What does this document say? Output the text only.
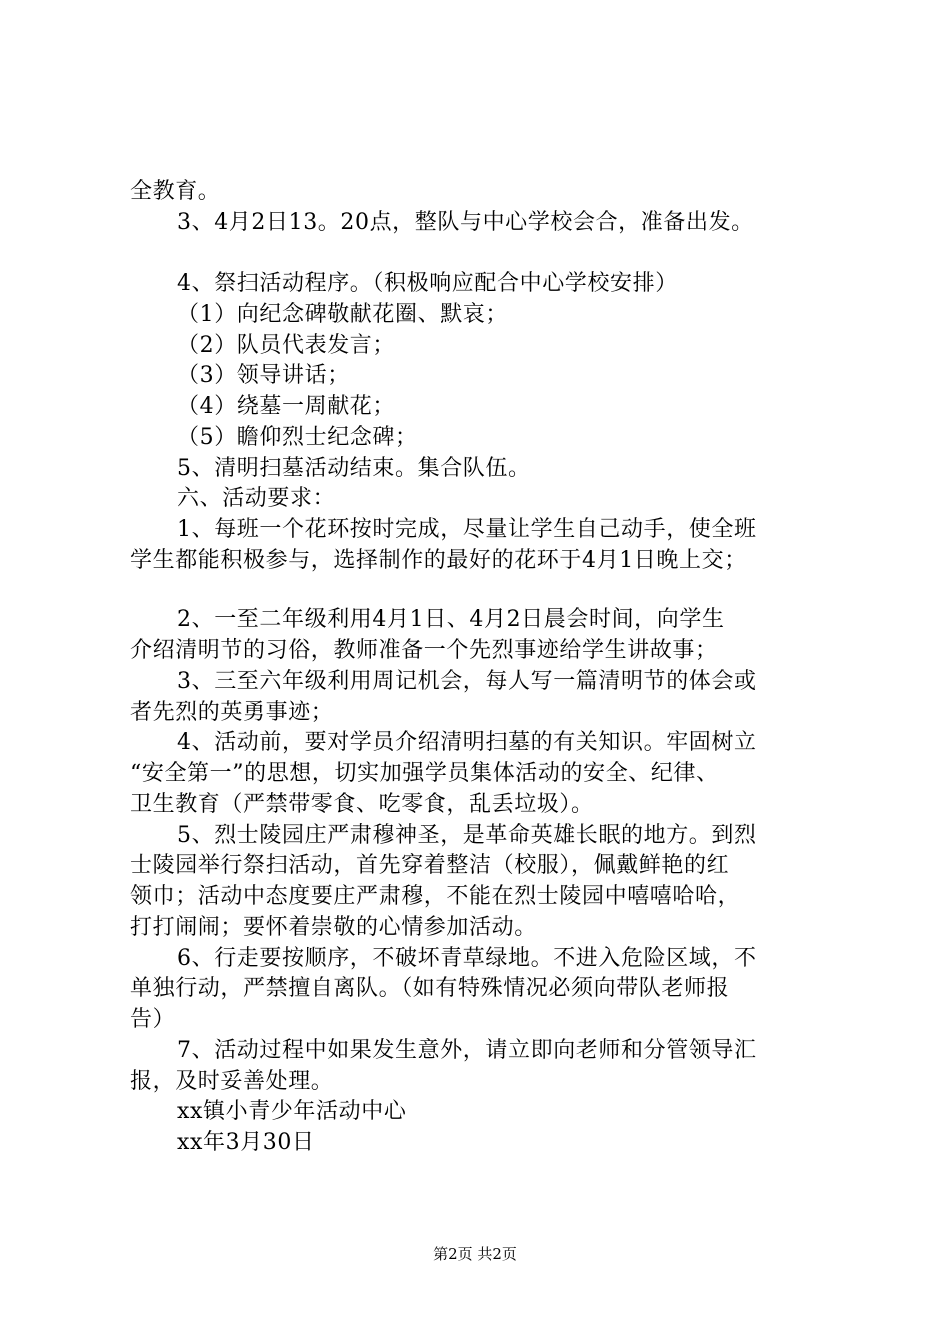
全教育。
3、4月2日13。20点，整队与中心学校会合，准备出发。
4、祭扫活动程序。（积极响应配合中心学校安排）
（1）向纪念碑敬献花圈、默哀；
（2）队员代表发言；
（3）领导讲话；
（4）绕墓一周献花；
（5）瞻仰烈士纪念碑；
5、清明扫墓活动结束。集合队伍。
六、活动要求：
1、每班一个花环按时完成，尽量让学生自己动手，使全班
学生都能积极参与，选择制作的最好的花环于4月1日晚上交；
2、一至二年级利用4月1日、4月2日晨会时间，向学生
介绍清明节的习俗，教师准备一个先烈事迹给学生讲故事；
3、三至六年级利用周记机会，每人写一篇清明节的体会或
者先烈的英勇事迹；
4、活动前，要对学员介绍清明扫墓的有关知识。牢固树立
“安全第一”的思想，切实加强学员集体活动的安全、纪律、
卫生教育（严禁带零食、吃零食，乱丢垃圾）。
5、烈士陵园庄严肃穆神圣，是革命英雄长眠的地方。到烈
士陵园举行祭扫活动，首先穿着整洁（校服），佩戴鲜艳的红
领巾；活动中态度要庄严肃穆，不能在烈士陵园中嘻嘻哈哈，
打打闹闹；要怀着崇敬的心情参加活动。
6、行走要按顺序，不破坏青草绿地。不进入危险区域，不
单独行动，严禁擅自离队。（如有特殊情况必须向带队老师报
告）
7、活动过程中如果发生意外，请立即向老师和分管领导汇
报，及时妥善处理。
xx镇小青少年活动中心
xx年3月30日
第2页 共2页
